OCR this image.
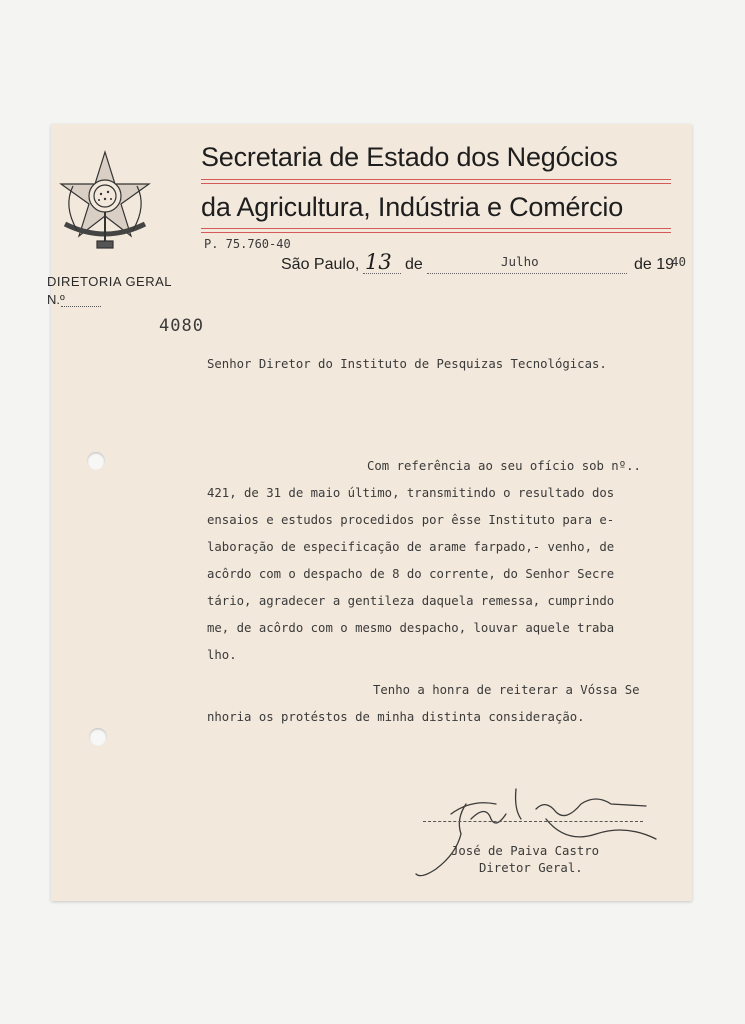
DIRETORIA GERAL
N.º
Secretaria de Estado dos Negócios
da Agricultura, Indústria e Comércio
P. 75.760-40
São Paulo, 13 de	Julho	de 19
40
4080
Senhor Diretor do Instituto de Pesquizas Tecnológicas.
Com referência ao seu ofício sob nº..
421, de 31 de maio último, transmitindo o resultado dos
ensaios e estudos procedidos por êsse Instituto para e-
laboração de especificação de arame farpado,- venho, de
acôrdo com o despacho de 8 do corrente, do Senhor Secre
tário, agradecer a gentileza daquela remessa, cumprindo
me, de acôrdo com o mesmo despacho, louvar aquele traba
lho.
Tenho a honra de reiterar a Vóssa Se
nhoria os protéstos de minha distinta consideração.
José de Paiva Castro
Diretor Geral.
